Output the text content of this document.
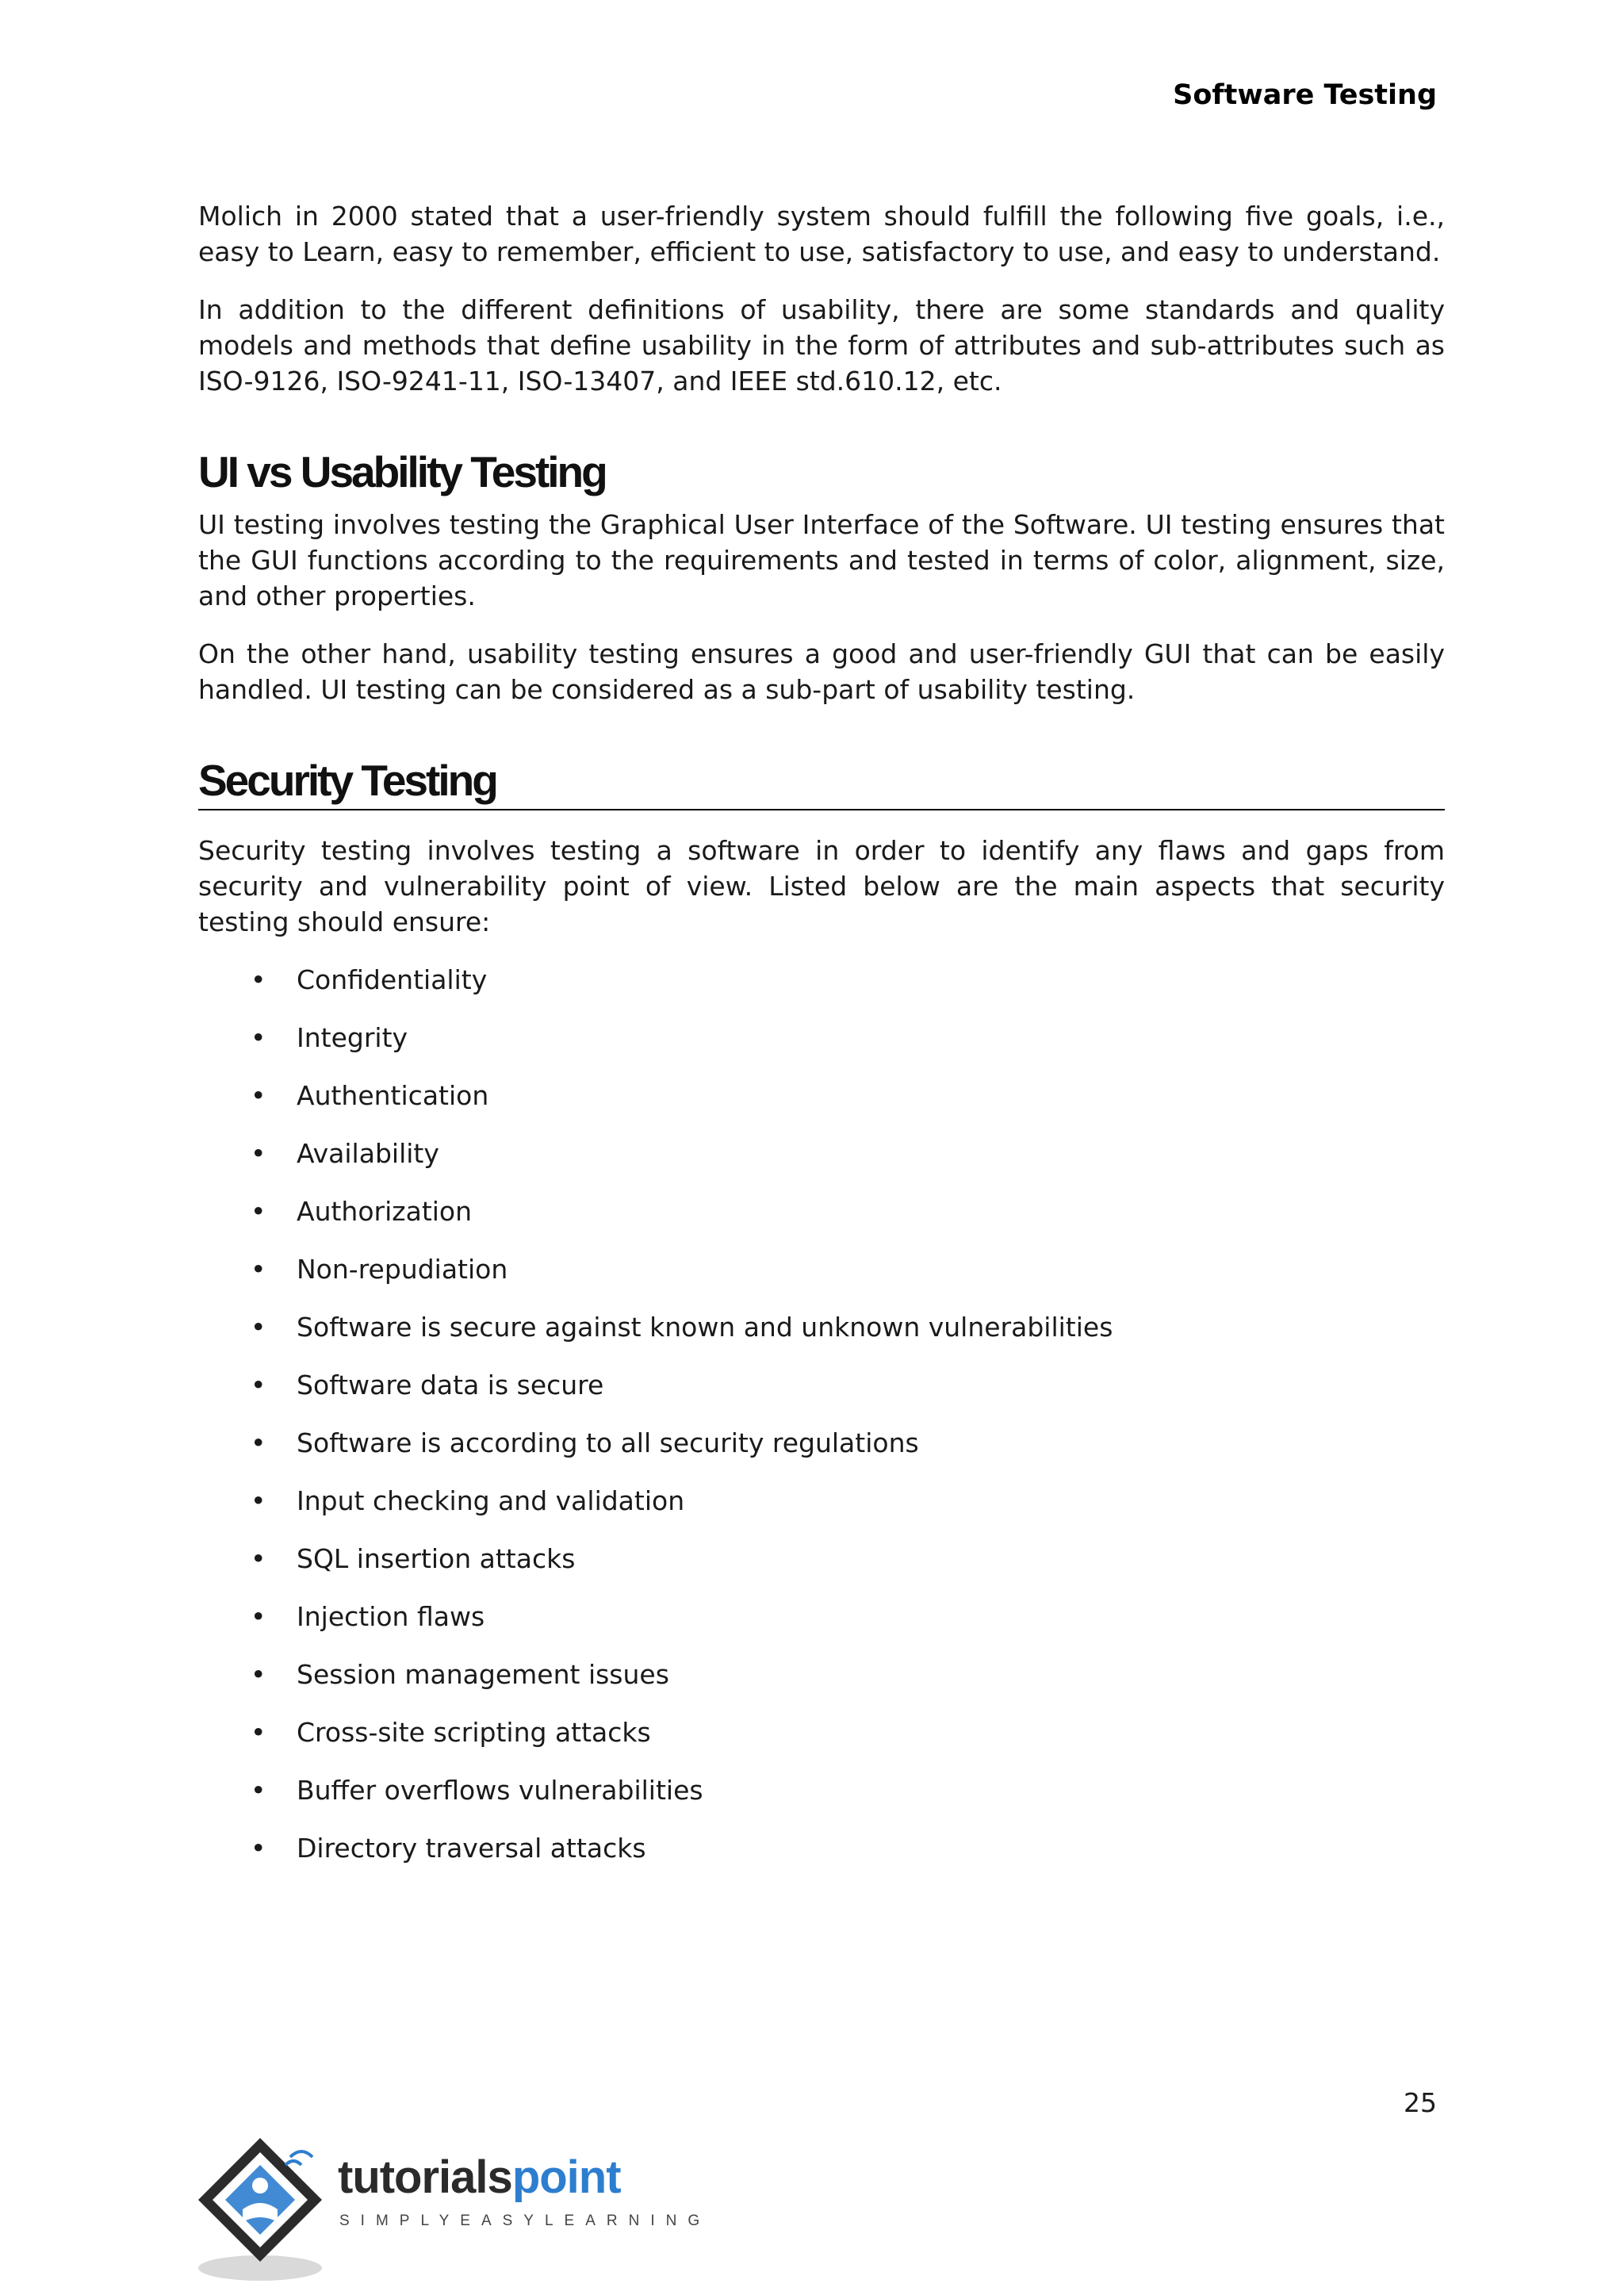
Software Testing

Molich in 2000 stated that a user-friendly system should fulfill the following five goals, i.e., easy to Learn, easy to remember, efficient to use, satisfactory to use, and easy to understand.

In addition to the different definitions of usability, there are some standards and quality models and methods that define usability in the form of attributes and sub-attributes such as ISO-9126, ISO-9241-11, ISO-13407, and IEEE std.610.12, etc.

UI vs Usability Testing

UI testing involves testing the Graphical User Interface of the Software. UI testing ensures that the GUI functions according to the requirements and tested in terms of color, alignment, size, and other properties.

On the other hand, usability testing ensures a good and user-friendly GUI that can be easily handled. UI testing can be considered as a sub-part of usability testing.

Security Testing

Security testing involves testing a software in order to identify any flaws and gaps from security and vulnerability point of view. Listed below are the main aspects that security testing should ensure:

• Confidentiality
• Integrity
• Authentication
• Availability
• Authorization
• Non-repudiation
• Software is secure against known and unknown vulnerabilities
• Software data is secure
• Software is according to all security regulations
• Input checking and validation
• SQL insertion attacks
• Injection flaws
• Session management issues
• Cross-site scripting attacks
• Buffer overflows vulnerabilities
• Directory traversal attacks
25
tutorialspoint
SIMPLYEASYLEARNING
